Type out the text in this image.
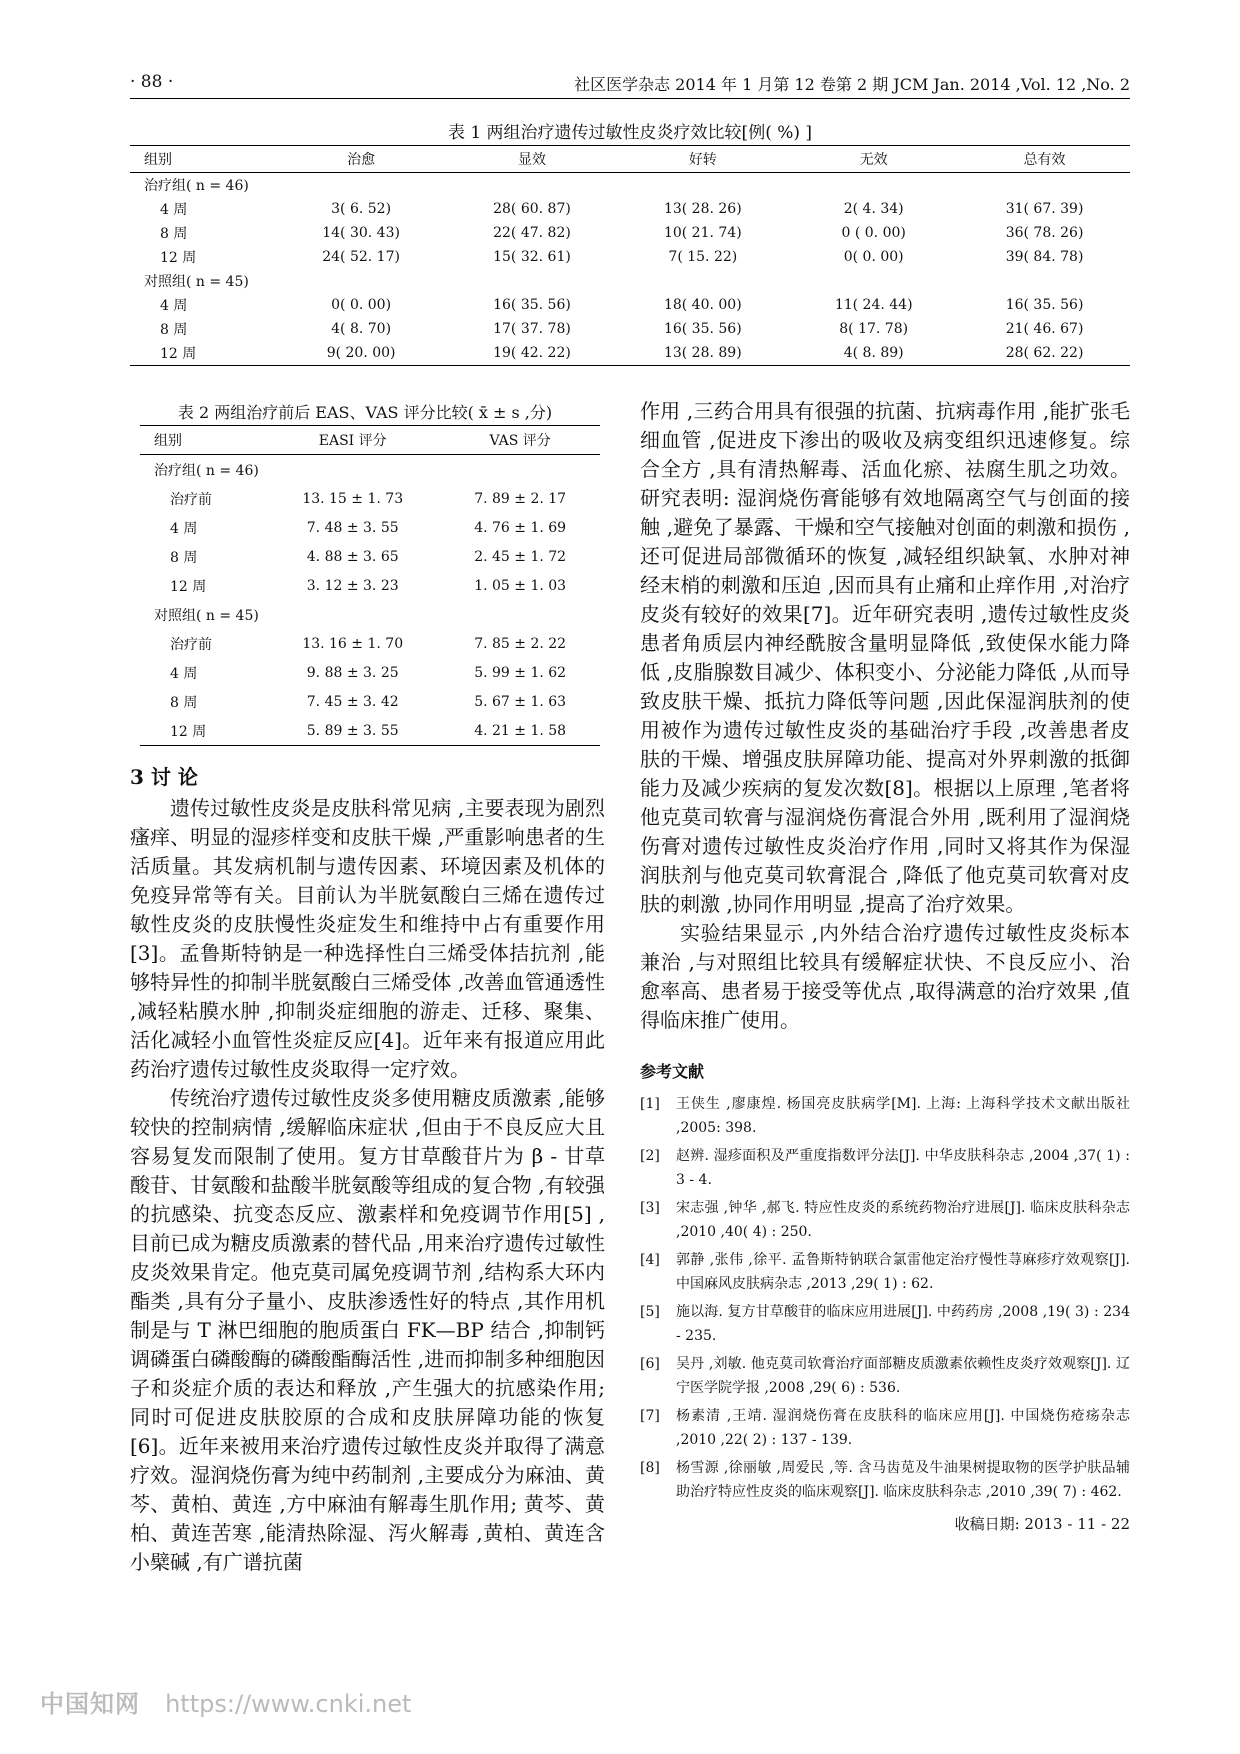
· 88 ·	社区医学杂志 2014 年 1 月第 12 卷第 2 期 JCM Jan. 2014 ,Vol. 12 ,No. 2
表 1 两组治疗遗传过敏性皮炎疗效比较[例( %) ]
组别	治愈	显效	好转	无效	总有效
治疗组( n = 46)					
4 周	3( 6. 52)	28( 60. 87)	13( 28. 26)	2( 4. 34)	31( 67. 39)
8 周	14( 30. 43)	22( 47. 82)	10( 21. 74)	0 ( 0. 00)	36( 78. 26)
12 周	24( 52. 17)	15( 32. 61)	7( 15. 22)	0( 0. 00)	39( 84. 78)
对照组( n = 45)					
4 周	0( 0. 00)	16( 35. 56)	18( 40. 00)	11( 24. 44)	16( 35. 56)
8 周	4( 8. 70)	17( 37. 78)	16( 35. 56)	8( 17. 78)	21( 46. 67)
12 周	9( 20. 00)	19( 42. 22)	13( 28. 89)	4( 8. 89)	28( 62. 22)
表 2 两组治疗前后 EAS、VAS 评分比较( x̄ ± s ,分)
组别	EASI 评分	VAS 评分
治疗组( n = 46)		
治疗前	13. 15 ± 1. 73	7. 89 ± 2. 17
4 周	7. 48 ± 3. 55	4. 76 ± 1. 69
8 周	4. 88 ± 3. 65	2. 45 ± 1. 72
12 周	3. 12 ± 3. 23	1. 05 ± 1. 03
对照组( n = 45)		
治疗前	13. 16 ± 1. 70	7. 85 ± 2. 22
4 周	9. 88 ± 3. 25	5. 99 ± 1. 62
8 周	7. 45 ± 3. 42	5. 67 ± 1. 63
12 周	5. 89 ± 3. 55	4. 21 ± 1. 58
3 讨 论

遗传过敏性皮炎是皮肤科常见病 ,主要表现为剧烈瘙痒、明显的湿疹样变和皮肤干燥 ,严重影响患者的生活质量。其发病机制与遗传因素、环境因素及机体的免疫异常等有关。目前认为半胱氨酸白三烯在遗传过敏性皮炎的皮肤慢性炎症发生和维持中占有重要作用[3]。孟鲁斯特钠是一种选择性白三烯受体拮抗剂 ,能够特异性的抑制半胱氨酸白三烯受体 ,改善血管通透性 ,减轻粘膜水肿 ,抑制炎症细胞的游走、迁移、聚集、活化减轻小血管性炎症反应[4]。近年来有报道应用此药治疗遗传过敏性皮炎取得一定疗效。

传统治疗遗传过敏性皮炎多使用糖皮质激素 ,能够较快的控制病情 ,缓解临床症状 ,但由于不良反应大且容易复发而限制了使用。复方甘草酸苷片为 β - 甘草酸苷、甘氨酸和盐酸半胱氨酸等组成的复合物 ,有较强的抗感染、抗变态反应、激素样和免疫调节作用[5] ,目前已成为糖皮质激素的替代品 ,用来治疗遗传过敏性皮炎效果肯定。他克莫司属免疫调节剂 ,结构系大环内酯类 ,具有分子量小、皮肤渗透性好的特点 ,其作用机制是与 T 淋巴细胞的胞质蛋白 FK—BP 结合 ,抑制钙调磷蛋白磷酸酶的磷酸酯酶活性 ,进而抑制多种细胞因子和炎症介质的表达和释放 ,产生强大的抗感染作用; 同时可促进皮肤胶原的合成和皮肤屏障功能的恢复[6]。近年来被用来治疗遗传过敏性皮炎并取得了满意疗效。湿润烧伤膏为纯中药制剂 ,主要成分为麻油、黄芩、黄柏、黄连 ,方中麻油有解毒生肌作用; 黄芩、黄柏、黄连苦寒 ,能清热除湿、泻火解毒 ,黄柏、黄连含小檗碱 ,有广谱抗菌

作用 ,三药合用具有很强的抗菌、抗病毒作用 ,能扩张毛细血管 ,促进皮下渗出的吸收及病变组织迅速修复。综合全方 ,具有清热解毒、活血化瘀、祛腐生肌之功效。研究表明: 湿润烧伤膏能够有效地隔离空气与创面的接触 ,避免了暴露、干燥和空气接触对创面的刺激和损伤 ,还可促进局部微循环的恢复 ,减轻组织缺氧、水肿对神经末梢的刺激和压迫 ,因而具有止痛和止痒作用 ,对治疗皮炎有较好的效果[7]。近年研究表明 ,遗传过敏性皮炎患者角质层内神经酰胺含量明显降低 ,致使保水能力降低 ,皮脂腺数目减少、体积变小、分泌能力降低 ,从而导致皮肤干燥、抵抗力降低等问题 ,因此保湿润肤剂的使用被作为遗传过敏性皮炎的基础治疗手段 ,改善患者皮肤的干燥、增强皮肤屏障功能、提高对外界刺激的抵御能力及减少疾病的复发次数[8]。根据以上原理 ,笔者将他克莫司软膏与湿润烧伤膏混合外用 ,既利用了湿润烧伤膏对遗传过敏性皮炎治疗作用 ,同时又将其作为保湿润肤剂与他克莫司软膏混合 ,降低了他克莫司软膏对皮肤的刺激 ,协同作用明显 ,提高了治疗效果。

实验结果显示 ,内外结合治疗遗传过敏性皮炎标本兼治 ,与对照组比较具有缓解症状快、不良反应小、治愈率高、患者易于接受等优点 ,取得满意的治疗效果 ,值得临床推广使用。

参考文献
[1]	王侠生 ,廖康煌. 杨国亮皮肤病学[M]. 上海: 上海科学技术文献出版社 ,2005: 398.
[2]	赵辨. 湿疹面积及严重度指数评分法[J]. 中华皮肤科杂志 ,2004 ,37( 1) : 3 - 4.
[3]	宋志强 ,钟华 ,郝飞. 特应性皮炎的系统药物治疗进展[J]. 临床皮肤科杂志 ,2010 ,40( 4) : 250.
[4]	郭静 ,张伟 ,徐平. 孟鲁斯特钠联合氯雷他定治疗慢性荨麻疹疗效观察[J]. 中国麻风皮肤病杂志 ,2013 ,29( 1) : 62.
[5]	施以海. 复方甘草酸苷的临床应用进展[J]. 中药药房 ,2008 ,19( 3) : 234 - 235.
[6]	吴丹 ,刘敏. 他克莫司软膏治疗面部糖皮质激素依赖性皮炎疗效观察[J]. 辽宁医学院学报 ,2008 ,29( 6) : 536.
[7]	杨素清 ,王靖. 湿润烧伤膏在皮肤科的临床应用[J]. 中国烧伤疮疡杂志 ,2010 ,22( 2) : 137 - 139.
[8]	杨雪源 ,徐丽敏 ,周爱民 ,等. 含马齿苋及牛油果树提取物的医学护肤品辅助治疗特应性皮炎的临床观察[J]. 临床皮肤科杂志 ,2010 ,39( 7) : 462.
收稿日期: 2013 - 11 - 22
中国知网 https://www.cnki.net
